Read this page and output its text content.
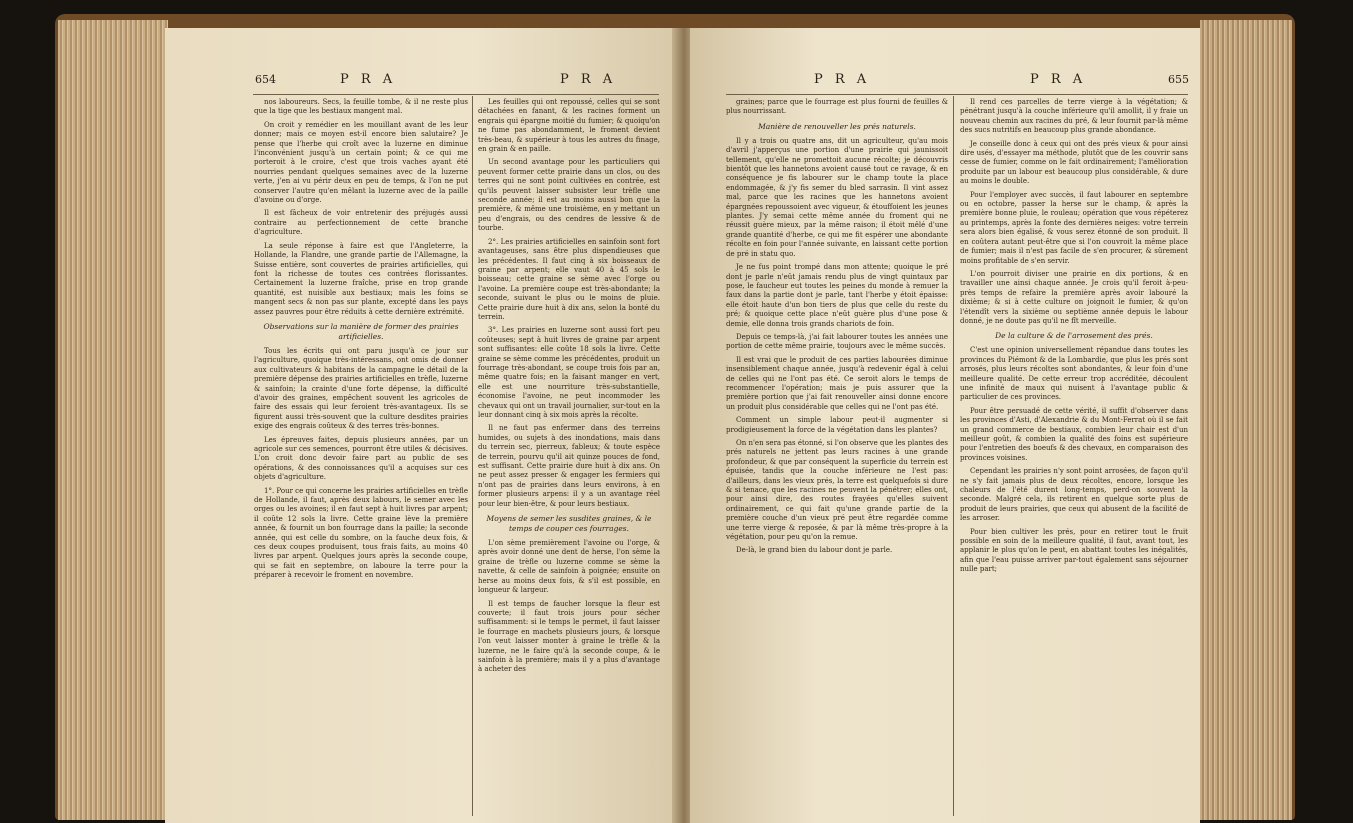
654	P R A	P R A

nos laboureurs. Secs, la feuille tombe, & il ne reste plus que la tige que les bestiaux mangent mal.

On croit y remédier en les mouillant avant de les leur donner; mais ce moyen est-il encore bien salutaire? Je pense que l'herbe qui croît avec la luzerne en diminue l'inconvénient jusqu'à un certain point; & ce qui me porteroit à le croire, c'est que trois vaches ayant été nourries pendant quelques semaines avec de la luzerne verte, j'en ai vu périr deux en peu de temps, & l'on ne put conserver l'autre qu'en mêlant la luzerne avec de la paille d'avoine ou d'orge.

Il est fâcheux de voir entretenir des préjugés aussi contraire au perfectionnement de cette branche d'agriculture.

La seule réponse à faire est que l'Angleterre, la Hollande, la Flandre, une grande partie de l'Allemagne, la Suisse entière, sont couvertes de prairies artificielles, qui font la richesse de toutes ces contrées florissantes. Certainement la luzerne fraîche, prise en trop grande quantité, est nuisible aux bestiaux; mais les foins se mangent secs & non pas sur plante, excepté dans les pays assez pauvres pour être réduits à cette dernière extrémité.

Observations sur la manière de former des prairies artificielles.

Tous les écrits qui ont paru jusqu'à ce jour sur l'agriculture, quoique très-intéressans, ont omis de donner aux cultivateurs & habitans de la campagne le détail de la première dépense des prairies artificielles en trèfle, luzerne & sainfoin; la crainte d'une forte dépense, la difficulté d'avoir des graines, empêchent souvent les agricoles de faire des essais qui leur feroient très-avantageux. Ils se figurent aussi très-souvent que la culture desdites prairies exige des engrais coûteux & des terres très-bonnes.

Les épreuves faites, depuis plusieurs années, par un agricole sur ces semences, pourront être utiles & décisives. L'on croit donc devoir faire part au public de ses opérations, & des connoissances qu'il a acquises sur ces objets d'agriculture.

1°. Pour ce qui concerne les prairies artificielles en trèfle de Hollande, il faut, après deux labours, le semer avec les orges ou les avoines; il en faut sept à huit livres par arpent; il coûte 12 sols la livre. Cette graine lève la première année, & fournit un bon fourrage dans la paille; la seconde année, qui est celle du sombre, on la fauche deux fois, & ces deux coupes produisent, tous frais faits, au moins 40 livres par arpent. Quelques jours après la seconde coupe, qui se fait en septembre, on laboure la terre pour la préparer à recevoir le froment en novembre.

Les feuilles qui ont repoussé, celles qui se sont détachées en fanant, & les racines forment un engrais qui épargne moitié du fumier; & quoiqu'on ne fume pas abondamment, le froment devient très-beau, & supérieur à tous les autres du finage, en grain & en paille.

Un second avantage pour les particuliers qui peuvent former cette prairie dans un clos, ou des terres qui ne sont point cultivées en contrée, est qu'ils peuvent laisser subsister leur trèfle une seconde année; il est au moins aussi bon que la première, & même une troisième, en y mettant un peu d'engrais, ou des cendres de lessive & de tourbe.

2°. Les prairies artificielles en sainfoin sont fort avantageuses, sans être plus dispendieuses que les précédentes. Il faut cinq à six boisseaux de graine par arpent; elle vaut 40 à 45 sols le boisseau; cette graine se sème avec l'orge ou l'avoine. La première coupe est très-abondante; la seconde, suivant le plus ou le moins de pluie. Cette prairie dure huit à dix ans, selon la bonté du terrein.

3°. Les prairies en luzerne sont aussi fort peu coûteuses; sept à huit livres de graine par arpent sont suffisantes: elle coûte 18 sols la livre. Cette graine se sème comme les précédentes, produit un fourrage très-abondant, se coupe trois fois par an, même quatre fois; en la faisant manger en vert, elle est une nourriture très-substantielle, économise l'avoine, ne peut incommoder les chevaux qui ont un travail journalier, sur-tout en la leur donnant cinq à six mois après la récolte.

Il ne faut pas enfermer dans des terreins humides, ou sujets à des inondations, mais dans du terrein sec, pierreux, fableux; & toute espèce de terrein, pourvu qu'il ait quinze pouces de fond, est suffisant. Cette prairie dure huit à dix ans. On ne peut assez presser & engager les fermiers qui n'ont pas de prairies dans leurs environs, à en former plusieurs arpens: il y a un avantage réel pour leur bien-être, & pour leurs bestiaux.

Moyens de semer les susdites graines, & le temps de couper ces fourrages.

L'on sème premièrement l'avoine ou l'orge, & après avoir donné une dent de herse, l'on sème la graine de trèfle ou luzerne comme se sème la navette, & celle de sainfoin à poignée; ensuite on herse au moins deux fois, & s'il est possible, en longueur & largeur.

Il est temps de faucher lorsque la fleur est couverte; il faut trois jours pour sécher suffisamment: si le temps le permet, il faut laisser le fourrage en machets plusieurs jours, & lorsque l'on veut laisser monter à graine le trèfle & la luzerne, ne le faire qu'à la seconde coupe, & le sainfoin à la première; mais il y a plus d'avantage à acheter des

P R A	P R A	655

graines; parce que le fourrage est plus fourni de feuilles & plus nourrissant.

Manière de renouveller les prés naturels.

Il y a trois ou quatre ans, dit un agriculteur, qu'au mois d'avril j'apperçus une portion d'une prairie qui jaunissoit tellement, qu'elle ne promettoit aucune récolte; je découvris bientôt que les hannetons avoient causé tout ce ravage, & en conséquence je fis labourer sur le champ toute la place endommagée, & j'y fis semer du bled sarrasin. Il vint assez mal, parce que les racines que les hannetons avoient épargnées repoussoient avec vigueur, & étouffoient les jeunes plantes. J'y semai cette même année du froment qui ne réussit guère mieux, par la même raison; il étoit mêlé d'une grande quantité d'herbe, ce qui me fit espérer une abondante récolte en foin pour l'année suivante, en laissant cette portion de pré in statu quo.

Je ne fus point trompé dans mon attente; quoique le pré dont je parle n'eût jamais rendu plus de vingt quintaux par pose, le faucheur eut toutes les peines du monde à remuer la faux dans la partie dont je parle, tant l'herbe y étoit épaisse: elle étoit haute d'un bon tiers de plus que celle du reste du pré; & quoique cette place n'eût guère plus d'une pose & demie, elle donna trois grands chariots de foin.

Depuis ce temps-là, j'ai fait labourer toutes les années une portion de cette même prairie, toujours avec le même succès.

Il est vrai que le produit de ces parties labourées diminue insensiblement chaque année, jusqu'à redevenir égal à celui de celles qui ne l'ont pas été. Ce seroit alors le temps de recommencer l'opération; mais je puis assurer que la première portion que j'ai fait renouveller ainsi donne encore un produit plus considérable que celles qui ne l'ont pas été.

Comment un simple labour peut-il augmenter si prodigieusement la force de la végétation dans les plantes?

On n'en sera pas étonné, si l'on observe que les plantes des prés naturels ne jettent pas leurs racines à une grande profondeur, & que par conséquent la superficie du terrein est épuisée, tandis que la couche inférieure ne l'est pas: d'ailleurs, dans les vieux prés, la terre est quelquefois si dure & si tenace, que les racines ne peuvent la pénétrer; elles ont, pour ainsi dire, des routes frayées qu'elles suivent ordinairement, ce qui fait qu'une grande partie de la première couche d'un vieux pré peut être regardée comme une terre vierge & reposée, & par là même très-propre à la végétation, pour peu qu'on la remue.

De-là, le grand bien du labour dont je parle.

Il rend ces parcelles de terre vierge à la végétation; & pénétrant jusqu'à la couche inférieure qu'il amollit, il y fraie un nouveau chemin aux racines du pré, & leur fournit par-là même des sucs nutritifs en beaucoup plus grande abondance.

Je conseille donc à ceux qui ont des prés vieux & pour ainsi dire usés, d'essayer ma méthode, plutôt que de les couvrir sans cesse de fumier, comme on le fait ordinairement; l'amélioration produite par un labour est beaucoup plus considérable, & dure au moins le double.

Pour l'employer avec succès, il faut labourer en septembre ou en octobre, passer la herse sur le champ, & après la première bonne pluie, le rouleau; opération que vous répéterez au printemps, après la fonte des dernières neiges: votre terrein sera alors bien égalisé, & vous serez étonné de son produit. Il en coûtera autant peut-être que si l'on couvroit la même place de fumier; mais il n'est pas facile de s'en procurer, & sûrement moins profitable de s'en servir.

L'on pourroit diviser une prairie en dix portions, & en travailler une ainsi chaque année. Je crois qu'il feroit à-peu-près temps de refaire la première après avoir labouré la dixième; & si à cette culture on joignoit le fumier, & qu'on l'étendît vers la sixième ou septième année depuis le labour donné, je ne doute pas qu'il ne fît merveille.

De la culture & de l'arrosement des prés.

C'est une opinion universellement répandue dans toutes les provinces du Piémont & de la Lombardie, que plus les prés sont arrosés, plus leurs récoltes sont abondantes, & leur foin d'une meilleure qualité. De cette erreur trop accréditée, découlent une infinité de maux qui nuisent à l'avantage public & particulier de ces provinces.

Pour être persuadé de cette vérité, il suffit d'observer dans les provinces d'Asti, d'Alexandrie & du Mont-Ferrat où il se fait un grand commerce de bestiaux, combien leur chair est d'un meilleur goût, & combien la qualité des foins est supérieure pour l'entretien des boeufs & des chevaux, en comparaison des provinces voisines.

Cependant les prairies n'y sont point arrosées, de façon qu'il ne s'y fait jamais plus de deux récoltes, encore, lorsque les chaleurs de l'été durent long-temps, perd-on souvent la seconde. Malgré cela, ils retirent en quelque sorte plus de produit de leurs prairies, que ceux qui abusent de la facilité de les arroser.

Pour bien cultiver les prés, pour en retirer tout le fruit possible en soin de la meilleure qualité, il faut, avant tout, les applanir le plus qu'on le peut, en abattant toutes les inégalités, afin que l'eau puisse arriver par-tout également sans séjourner nulle part;
